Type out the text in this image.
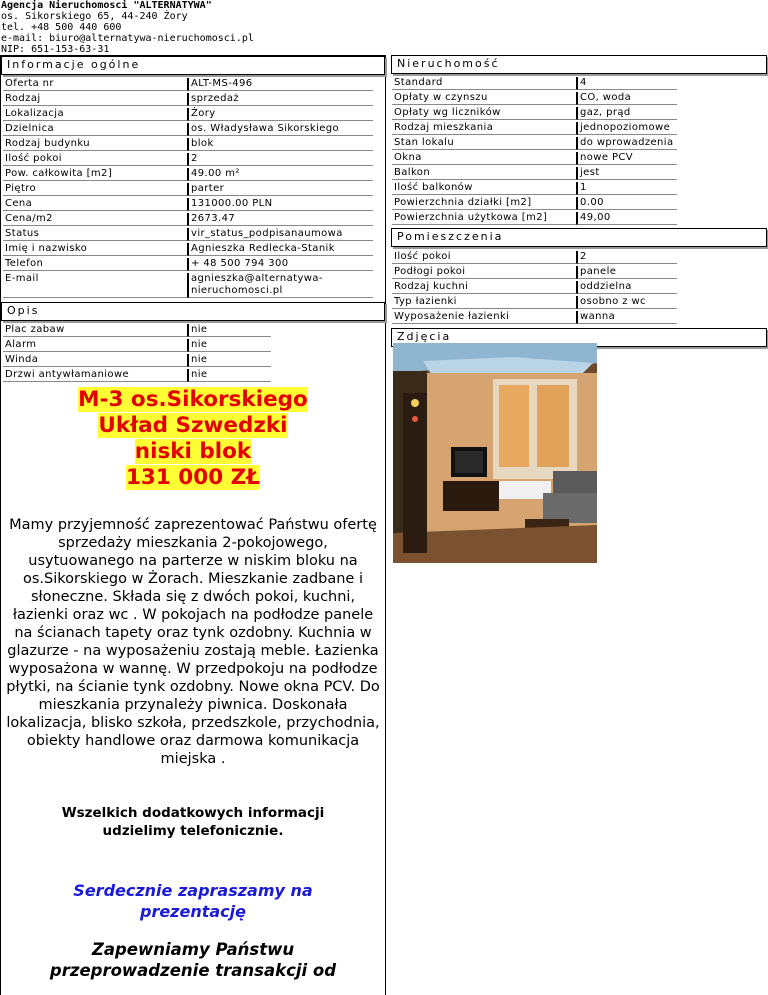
Agencja Nieruchomosci "ALTERNATYWA"
os. Sikorskiego 65, 44-240 Żory
tel. +48 500 440 600
e-mail: biuro@alternatywa-nieruchomosci.pl
NIP: 651-153-63-31
Informacje ogólne
Oferta nr	ALT-MS-496
Rodzaj	sprzedaż
Lokalizacja	Żory
Dzielnica	os. Władysława Sikorskiego
Rodzaj budynku	blok
Ilość pokoi	2
Pow. całkowita [m2]	49.00 m²
Piętro	parter
Cena	131000.00 PLN
Cena/m2	2673.47
Status	vir_status_podpisanaumowa
Imię i nazwisko	Agnieszka Redlecka-Stanik
Telefon	+ 48 500 794 300
E-mail	agnieszka@alternatywa-nieruchomosci.pl
Opis
Plac zabaw	nie
Alarm	nie
Winda	nie
Drzwi antywłamaniowe	nie
M-3 os.Sikorskiego
Układ Szwedzki
niski blok
131 000 ZŁ
Mamy przyjemność zaprezentować Państwu ofertę sprzedaży mieszkania 2-pokojowego, usytuowanego na parterze w niskim bloku na os.Sikorskiego w Żorach. Mieszkanie zadbane i słoneczne. Składa się z dwóch pokoi, kuchni, łazienki oraz wc . W pokojach na podłodze panele na ścianach tapety oraz tynk ozdobny. Kuchnia w glazurze - na wyposażeniu zostają meble. Łazienka wyposażona w wannę. W przedpokoju na podłodze płytki, na ścianie tynk ozdobny. Nowe okna PCV. Do mieszkania przynależy piwnica. Doskonała lokalizacja, blisko szkoła, przedszkole, przychodnia, obiekty handlowe oraz darmowa komunikacja miejska .
Wszelkich dodatkowych informacji udzielimy telefonicznie.
Serdecznie zapraszamy na prezentację
Zapewniamy Państwu przeprowadzenie transakcji od
Nieruchomość
Standard	4
Opłaty w czynszu	CO, woda
Opłaty wg liczników	gaz, prąd
Rodzaj mieszkania	jednopoziomowe
Stan lokalu	do wprowadzenia
Okna	nowe PCV
Balkon	jest
Ilość balkonów	1
Powierzchnia działki [m2]	0.00
Powierzchnia użytkowa [m2]	49,00
Pomieszczenia
Ilość pokoi	2
Podłogi pokoi	panele
Rodzaj kuchni	oddzielna
Typ łazienki	osobno z wc
Wyposażenie łazienki	wanna
Zdjęcia
